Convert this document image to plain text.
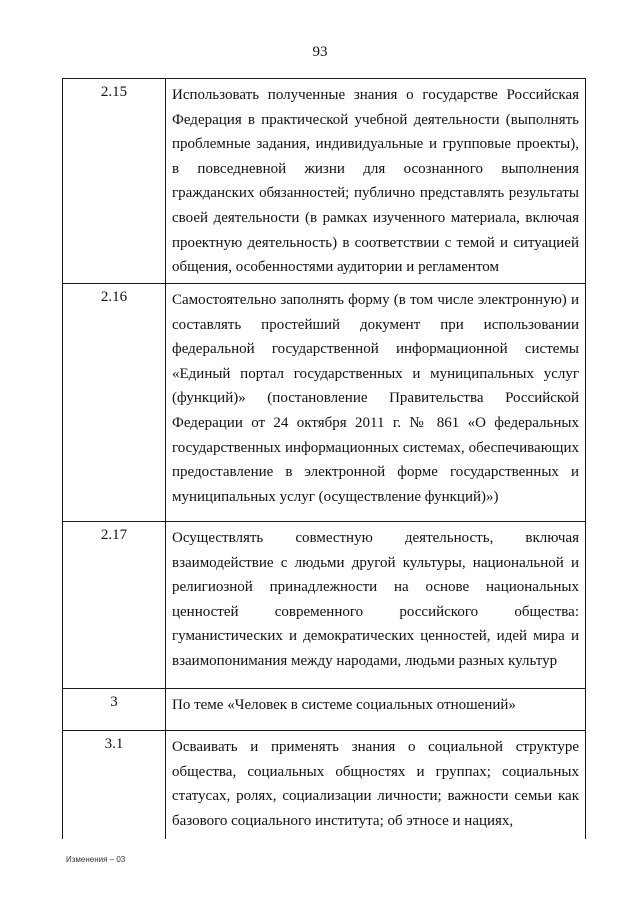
93
2.15	Использовать полученные знания о государстве Российская Федерация в практической учебной деятельности (выполнять проблемные задания, индивидуальные и групповые проекты), в повседневной жизни для осознанного выполнения гражданских обязанностей; публично представлять результаты своей деятельности (в рамках изученного материала, включая проектную деятельность) в соответствии с темой и ситуацией общения, особенностями аудитории и регламентом
2.16	Самостоятельно заполнять форму (в том числе электронную) и составлять простейший документ при использовании федеральной государственной информационной системы «Единый портал государственных и муниципальных услуг (функций)» (постановление Правительства Российской Федерации от 24 октября 2011 г. № 861 «О федеральных государственных информационных системах, обеспечивающих предоставление в электронной форме государственных и муниципальных услуг (осуществление функций)»)
2.17	Осуществлять совместную деятельность, включая взаимодействие с людьми другой культуры, национальной и религиозной принадлежности на основе национальных ценностей современного российского общества: гуманистических и демократических ценностей, идей мира и взаимопонимания между народами, людьми разных культур
3	По теме «Человек в системе социальных отношений»
3.1	Осваивать и применять знания о социальной структуре общества, социальных общностях и группах; социальных статусах, ролях, социализации личности; важности семьи как базового социального института; об этносе и нациях,
Изменения – 03
